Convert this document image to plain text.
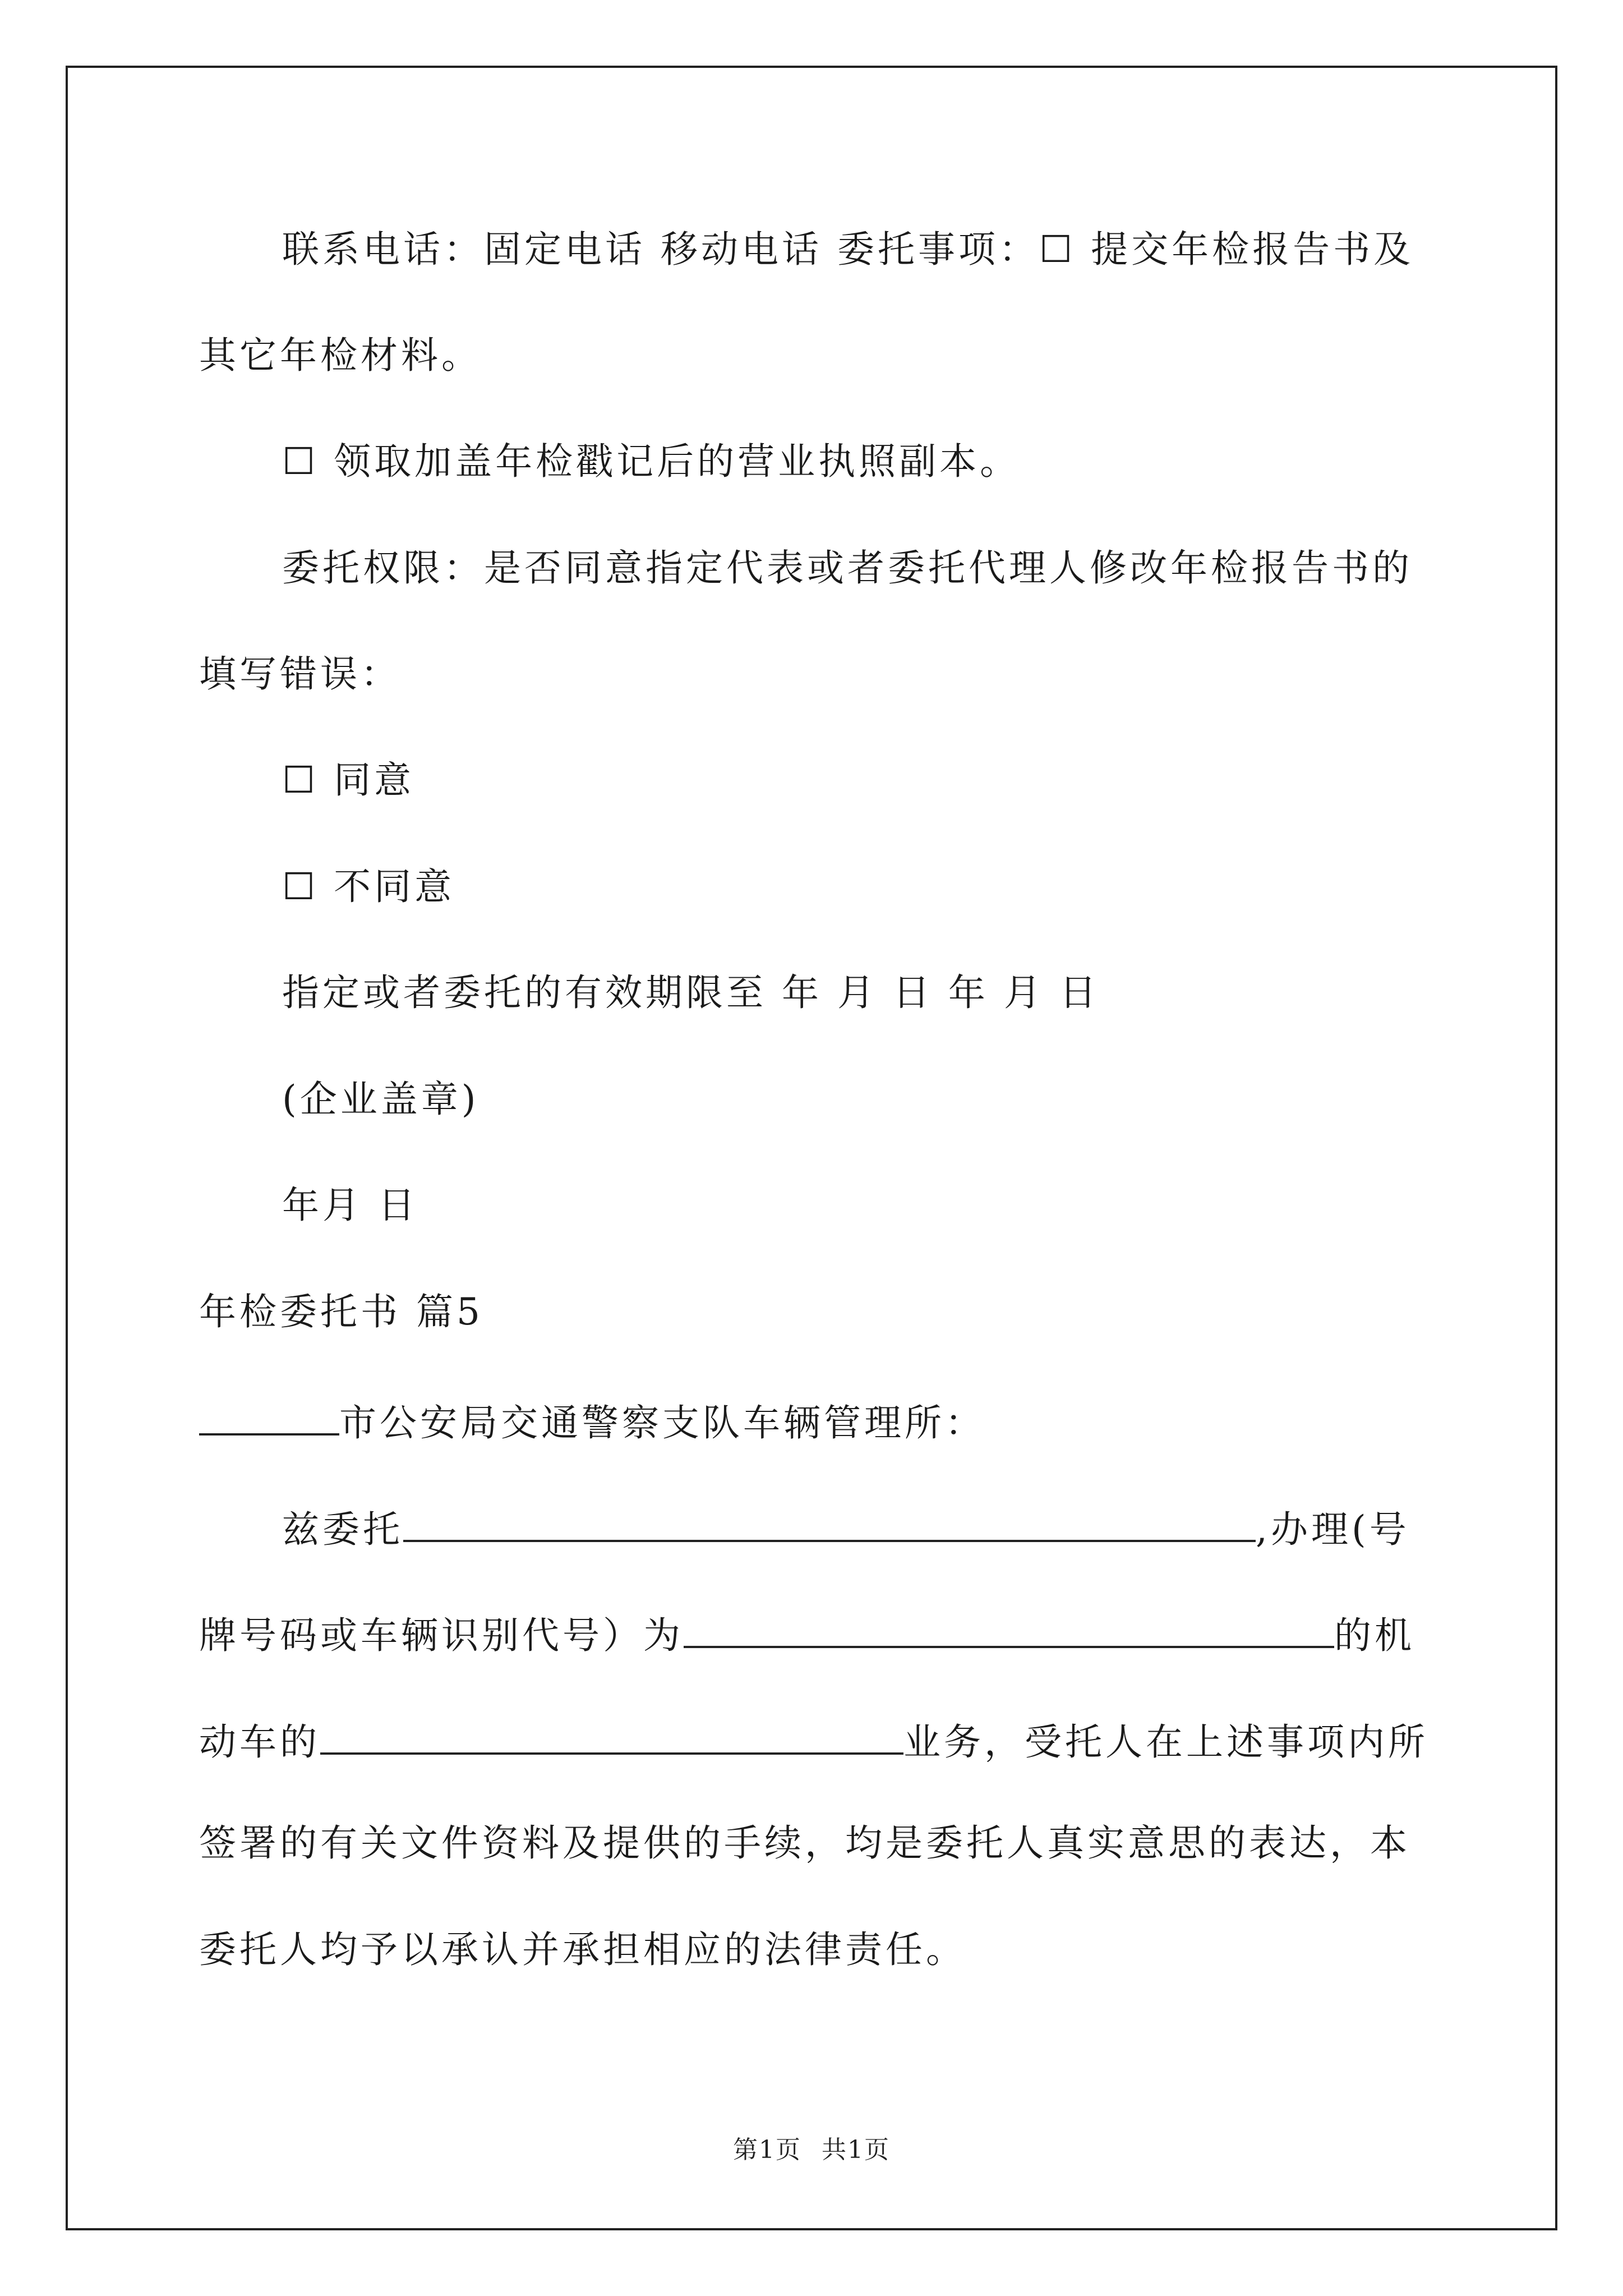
联系电话：固定电话 移动电话 委托事项：☐ 提交年检报告书及
其它年检材料。
☐ 领取加盖年检戳记后的营业执照副本。
委托权限：是否同意指定代表或者委托代理人修改年检报告书的
填写错误：
☐ 同意
☐ 不同意
指定或者委托的有效期限至 年 月 日 年 月 日
(企业盖章)
年月 日
年检委托书 篇5
市公安局交通警察支队车辆管理所：
兹委托	,办理(号
牌号码或车辆识别代号）为	的机
动车的	业务，受托人在上述事项内所
签署的有关文件资料及提供的手续，均是委托人真实意思的表达，本
委托人均予以承认并承担相应的法律责任。
第1页 共1页
